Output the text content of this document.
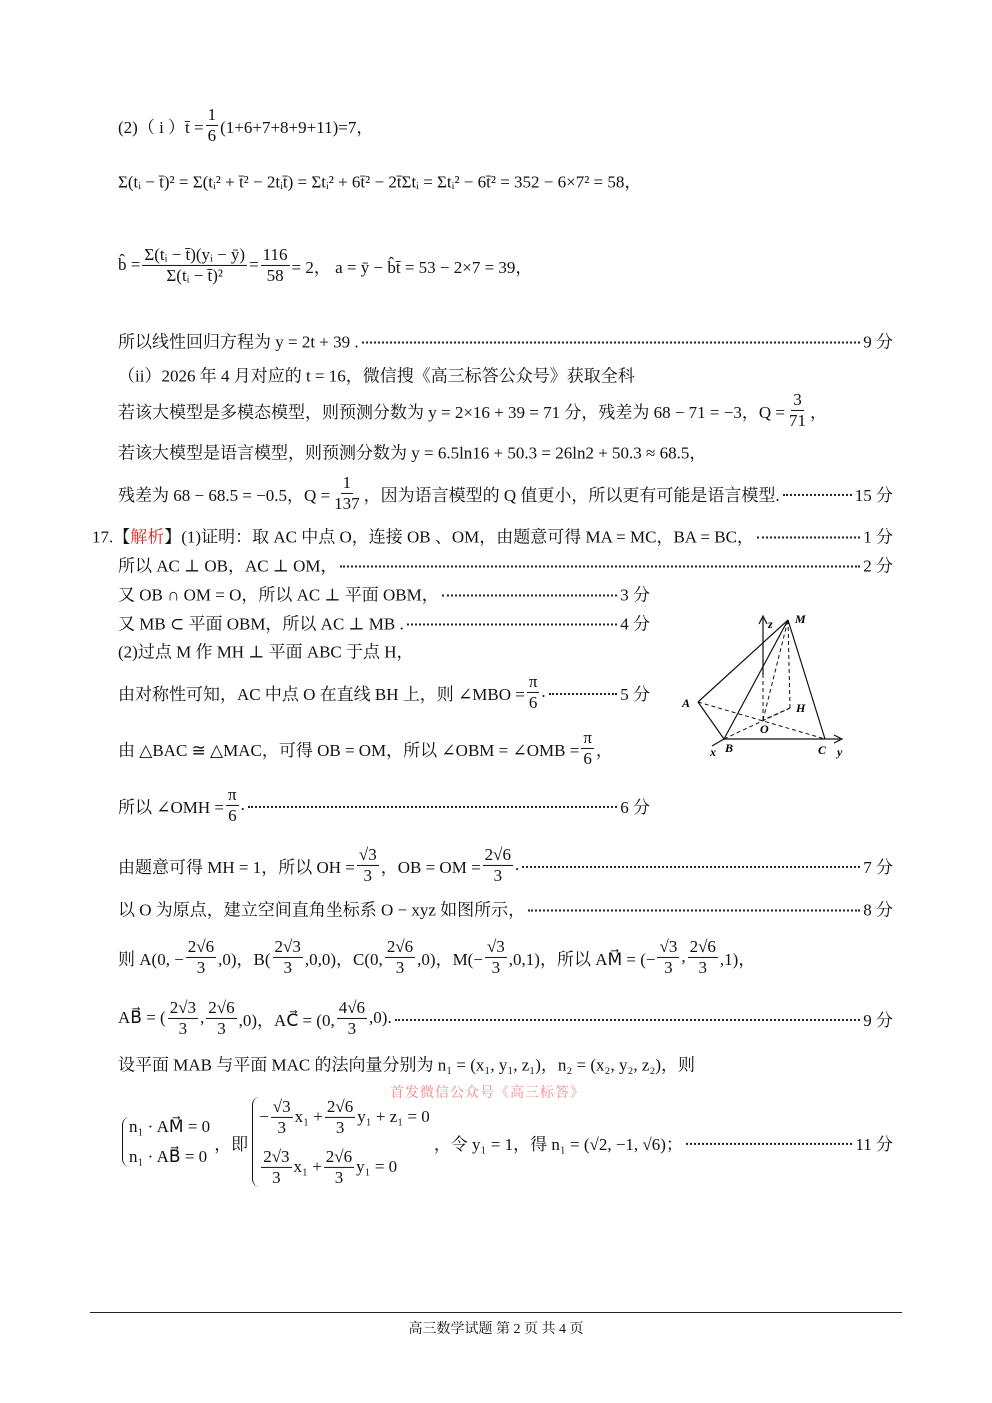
(2)（ i ）t̄ = $\frac{1}{6} (1+6+7+8+9+11)=7$，
Σ(tᵢ − t̄)² = Σ(tᵢ² + t̄² − 2tᵢt̄) = Σtᵢ² + 6t̄² − 2t̄Σtᵢ = Σtᵢ² − 6t̄² = 352 − 6×7² = 58，
b̂ = $\frac{\text{Σ(tᵢ − t̄)(yᵢ − ȳ)}}{\text{Σ(tᵢ − t̄)²}} = \frac{116}{58} = 2$， a = ȳ − b̂t̄ = 53 − 2×7 = 39，
所以线性回归方程为 y = 2t + 39 .	9 分
（ii）2026 年 4 月对应的 t = 16，微信搜《高三标答公众号》获取全科
若该大模型是多模态模型，则预测分数为 y = 2×16 + 39 = 71 分，残差为 68 − 71 = −3，$Q = \frac{3}{71}$ ，
若该大模型是语言模型，则预测分数为 y = 6.5ln16 + 50.3 = 26ln2 + 50.3 ≈ 68.5，
残差为 68 − 68.5 = −0.5，$Q = \frac{1}{137}$ ，因为语言模型的 Q 值更小，所以更有可能是语言模型.	15 分
17.【 解析 】(1)证明：取 AC 中点 O，连接 OB 、OM，由题意可得 MA = MC，BA = BC，	1 分
所以 AC ⊥ OB，AC ⊥ OM，	2 分
又 OB ∩ OM = O，所以 AC ⊥ 平面 OBM，	3 分
又 MB ⊂ 平面 OBM，所以 AC ⊥ MB .	4 分
(2)过点 M 作 MH ⊥ 平面 ABC 于点 H，
由对称性可知，AC 中点 O 在直线 BH 上，则 ∠MBO = $\frac{\pi}{6}$ .	5 分
由 △BAC ≅ △MAC，可得 OB = OM，所以 ∠OBM = ∠OMB = $\frac{\pi}{6}$ ，
所以 ∠OMH = $\frac{\pi}{6}$ .	6 分
由题意可得 MH = 1，所以 OH = $\frac{√3}{3}$ ，OB = OM = $\frac{2√6}{3}$ .	7 分
以 O 为原点，建立空间直角坐标系 O − xyz 如图所示，	8 分
则 A(0, − $\frac{2√6}{3} ,0$)，$B( \frac{2√3}{3} ,0,0)$，C(0, $\frac{2√6}{3} ,0$)，$M(- \frac{√3}{3} ,0,1)$，所以 AM⃗ = (− $\frac{√3}{3}$ , $\frac{2√6}{3} ,1$)，
AB⃗ = ( $\frac{2√3}{3}$ , $\frac{2√6}{3} ,0$)，AC⃗ = (0, $\frac{4√6}{3} ,0$).	9 分
设平面 MAB 与平面 MAC 的法向量分别为 n₁ = (x₁, y₁, z₁)，n₂ = (x₂, y₂, z₂)，则
n₁ · AM⃗ = 0
n₁ · AB⃗ = 0
，即
− $\frac{√3}{3} x_1 + \frac{2√6}{3} y_1 + z_1 = 0$
$\frac{2√3}{3} x_1 + \frac{2√6}{3} y_1 = 0$
，令 y₁ = 1，得 n₁ = (√2, −1, √6)；	11 分
首发微信公众号《高三标答》
z M
A	H
O
x B	C y
高三数学试题 第 2 页 共 4 页
